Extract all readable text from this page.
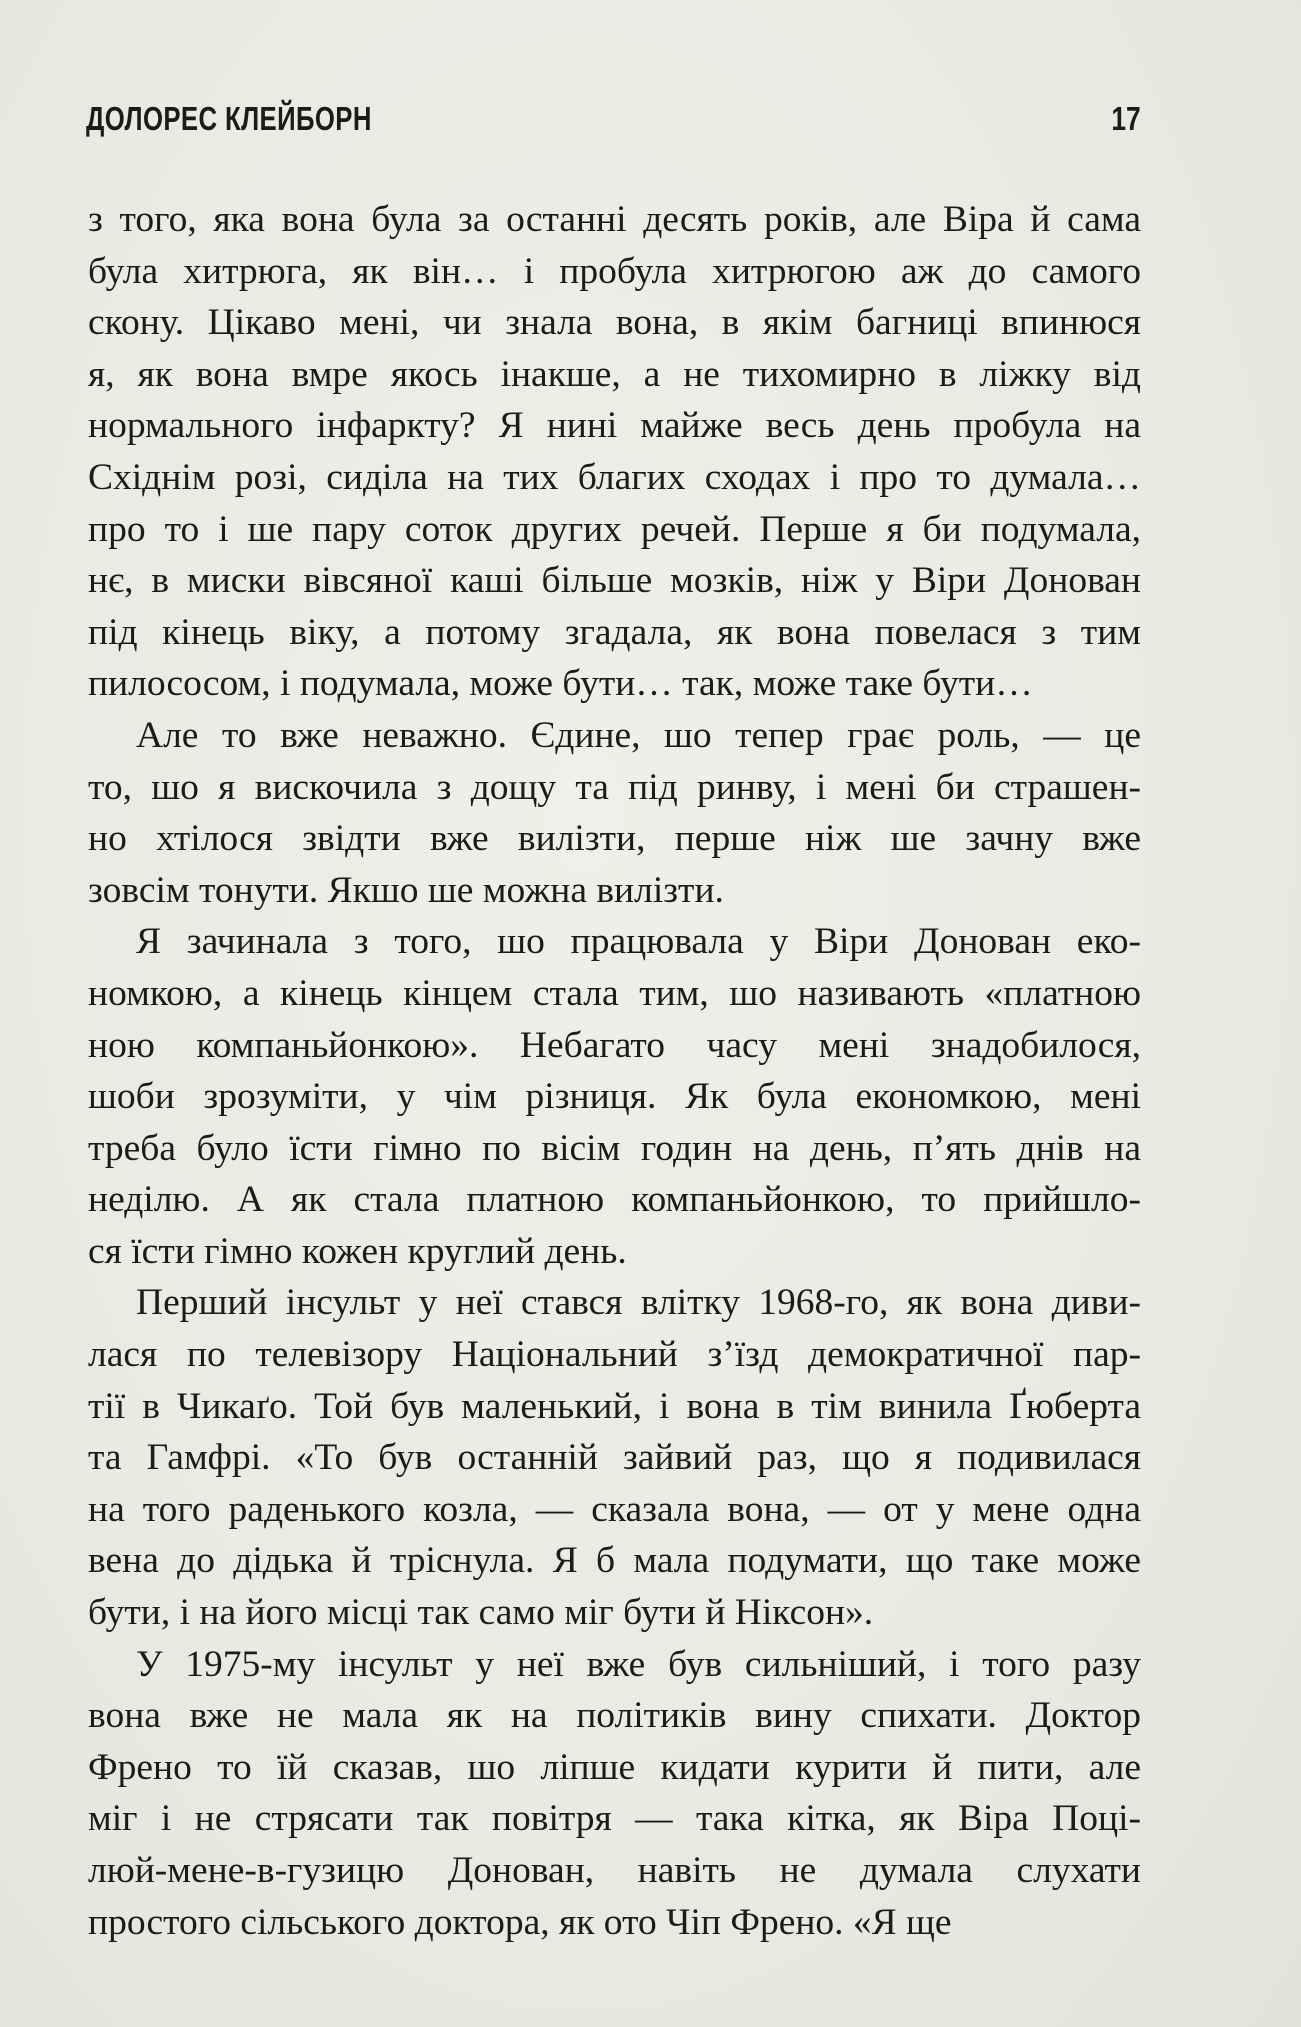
ДОЛОРЕС КЛЕЙБОРН	17
з того, яка вона була за останні десять років, але Віра й сама
була хитрюга, як він… і пробула хитрюгою аж до самого
скону. Цікаво мені, чи знала вона, в якім багниці впинюся
я, як вона вмре якось інакше, а не тихомирно в ліжку від
нормального інфаркту? Я нині майже весь день пробула на
Східнім розі, сиділа на тих благих сходах і про то думала…
про то і ше пару соток других речей. Перше я би подумала,
нє, в миски вівсяної каші більше мозків, ніж у Віри Донован
під кінець віку, а потому згадала, як вона повелася з тим
пилососом, і подумала, може бути… так, може таке бути…
Але то вже неважно. Єдине, шо тепер грає роль, — це
то, шо я вискочила з дощу та під ринву, і мені би страшен-
но хтілося звідти вже вилізти, перше ніж ше зачну вже
зовсім тонути. Якшо ше можна вилізти.
Я зачинала з того, шо працювала у Віри Донован еко-
номкою, а кінець кінцем стала тим, шо називають «платною
ною компаньйонкою». Небагато часу мені знадобилося,
шоби зрозуміти, у чім різниця. Як була економкою, мені
треба було їсти гімно по вісім годин на день, п’ять днів на
неділю. А як стала платною компаньйонкою, то прийшло-
ся їсти гімно кожен круглий день.
Перший інсульт у неї стався влітку 1968-го, як вона диви-
лася по телевізору Національний з’їзд демократичної пар-
тії в Чикаґо. Той був маленький, і вона в тім винила Ґюберта
та Гамфрі. «То був останній зайвий раз, що я подивилася
на того раденького козла, — сказала вона, — от у мене одна
вена до дідька й тріснула. Я б мала подумати, що таке може
бути, і на його місці так само міг бути й Ніксон».
У 1975-му інсульт у неї вже був сильніший, і того разу
вона вже не мала як на політиків вину спихати. Доктор
Френо то їй сказав, шо ліпше кидати курити й пити, але
міг і не стрясати так повітря — така кітка, як Віра Поці-
люй-мене-в-гузицю Донован, навіть не думала слухати
простого сільського доктора, як ото Чіп Френо. «Я ще
